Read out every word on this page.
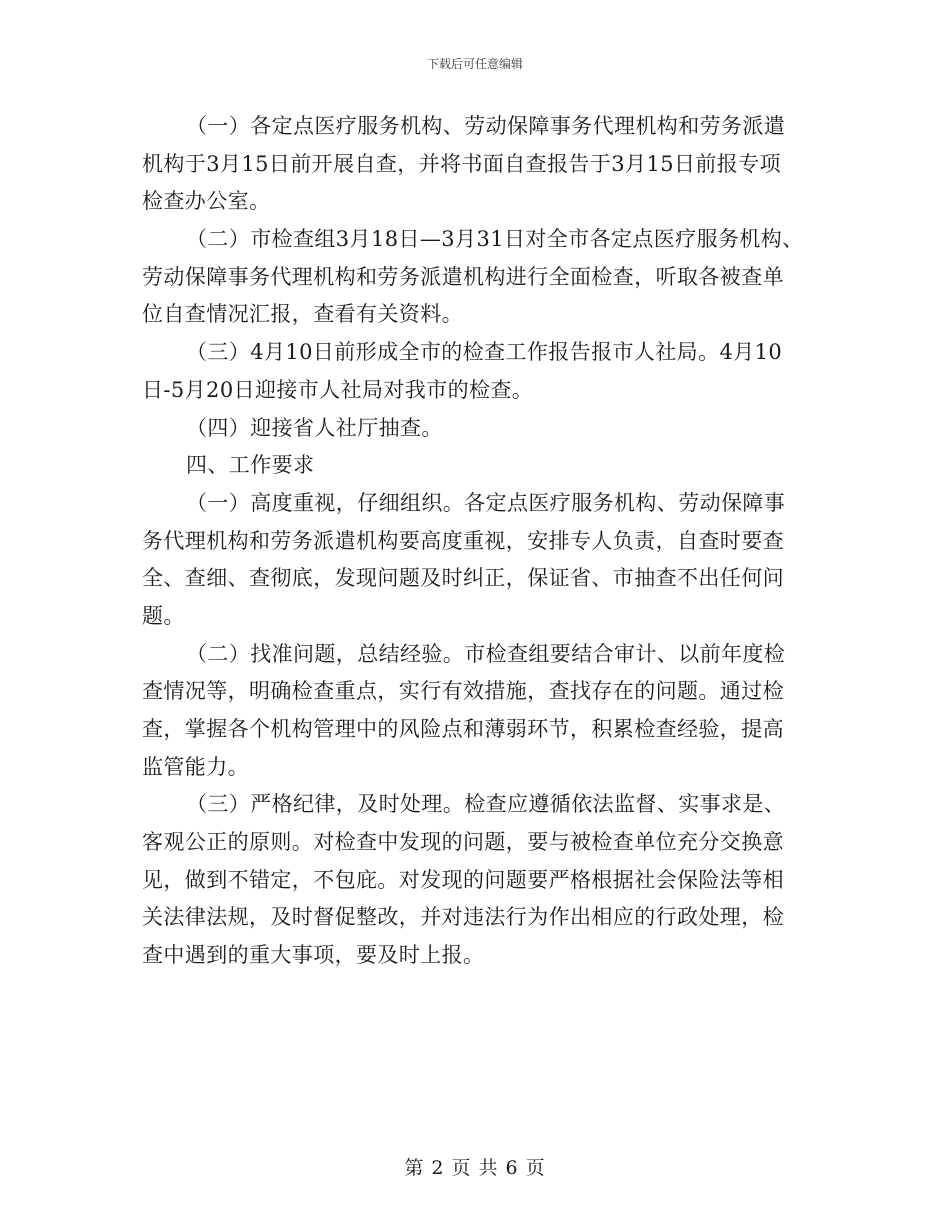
下载后可任意编辑
（一）各定点医疗服务机构、劳动保障事务代理机构和劳务派遣
机构于3月15日前开展自查，并将书面自查报告于3月15日前报专项
检查办公室。
（二）市检查组3月18日—3月31日对全市各定点医疗服务机构、
劳动保障事务代理机构和劳务派遣机构进行全面检查，听取各被查单
位自查情况汇报，查看有关资料。
（三）4月10日前形成全市的检查工作报告报市人社局。4月10
日-5月20日迎接市人社局对我市的检查。
（四）迎接省人社厅抽查。
四、工作要求
（一）高度重视，仔细组织。各定点医疗服务机构、劳动保障事
务代理机构和劳务派遣机构要高度重视，安排专人负责，自查时要查
全、查细、查彻底，发现问题及时纠正，保证省、市抽查不出任何问
题。
（二）找准问题，总结经验。市检查组要结合审计、以前年度检
查情况等，明确检查重点，实行有效措施，查找存在的问题。通过检
查，掌握各个机构管理中的风险点和薄弱环节，积累检查经验，提高
监管能力。
（三）严格纪律，及时处理。检查应遵循依法监督、实事求是、
客观公正的原则。对检查中发现的问题，要与被检查单位充分交换意
见，做到不错定，不包庇。对发现的问题要严格根据社会保险法等相
关法律法规，及时督促整改，并对违法行为作出相应的行政处理，检
查中遇到的重大事项，要及时上报。
第 2 页 共 6 页
